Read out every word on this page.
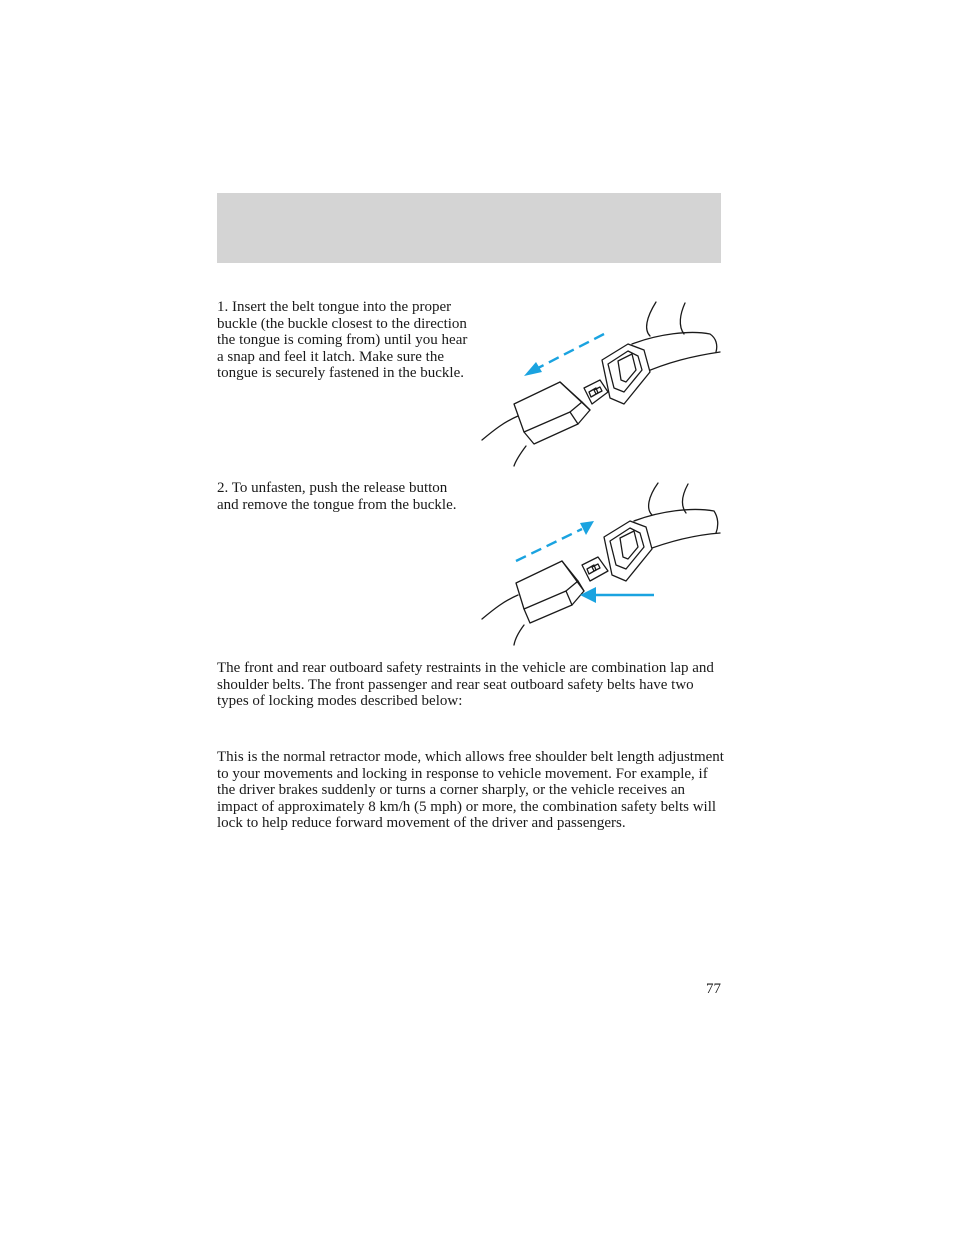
1. Insert the belt tongue into the proper buckle (the buckle closest to the direction the tongue is coming from) until you hear a snap and feel it latch. Make sure the tongue is securely fastened in the buckle.

2. To unfasten, push the release button and remove the tongue from the buckle.

The front and rear outboard safety restraints in the vehicle are combination lap and shoulder belts. The front passenger and rear seat outboard safety belts have two types of locking modes described below:

This is the normal retractor mode, which allows free shoulder belt length adjustment to your movements and locking in response to vehicle movement. For example, if the driver brakes suddenly or turns a corner sharply, or the vehicle receives an impact of approximately 8 km/h (5 mph) or more, the combination safety belts will lock to help reduce forward movement of the driver and passengers.

77
